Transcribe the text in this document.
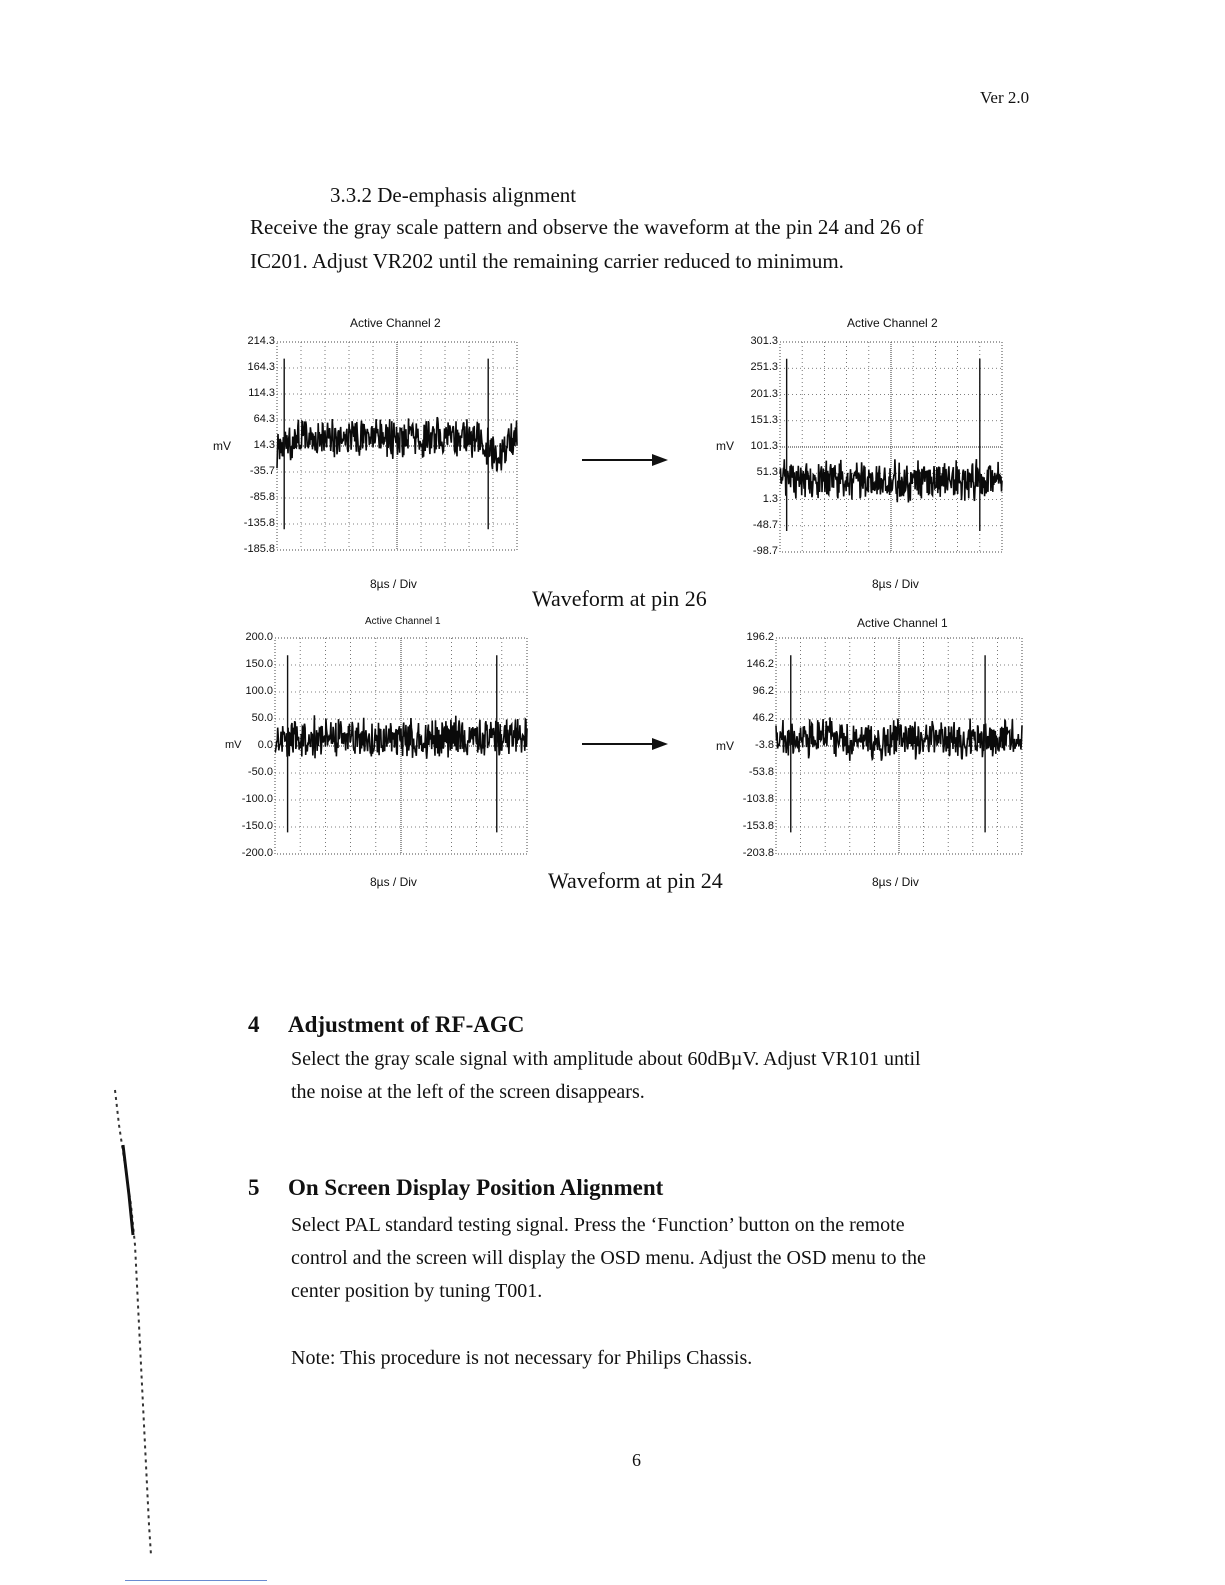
Ver 2.0
3.3.2 De-emphasis alignment
Receive the gray scale pattern and observe the waveform at the pin 24 and 26 of
IC201. Adjust VR202 until the remaining carrier reduced to minimum.
Active Channel 2
mV
214.3
164.3
114.3
64.3
14.3
-35.7
-85.8
-135.8
-185.8
8µs / Div
Active Channel 2
mV
301.3
251.3
201.3
151.3
101.3
51.3
1.3
-48.7
-98.7
8µs / Div
Active Channel 1
mV
200.0
150.0
100.0
50.0
0.0
-50.0
-100.0
-150.0
-200.0
8µs / Div
Active Channel 1
mV
196.2
146.2
96.2
46.2
-3.8
-53.8
-103.8
-153.8
-203.8
8µs / Div
Waveform at pin 26
Waveform at pin 24
4 Adjustment of RF-AGC
Select the gray scale signal with amplitude about 60dBµV. Adjust VR101 until
the noise at the left of the screen disappears.
5 On Screen Display Position Alignment
Select PAL standard testing signal. Press the ‘Function’ button on the remote
control and the screen will display the OSD menu. Adjust the OSD menu to the
center position by tuning T001.
Note: This procedure is not necessary for Philips Chassis.
6
